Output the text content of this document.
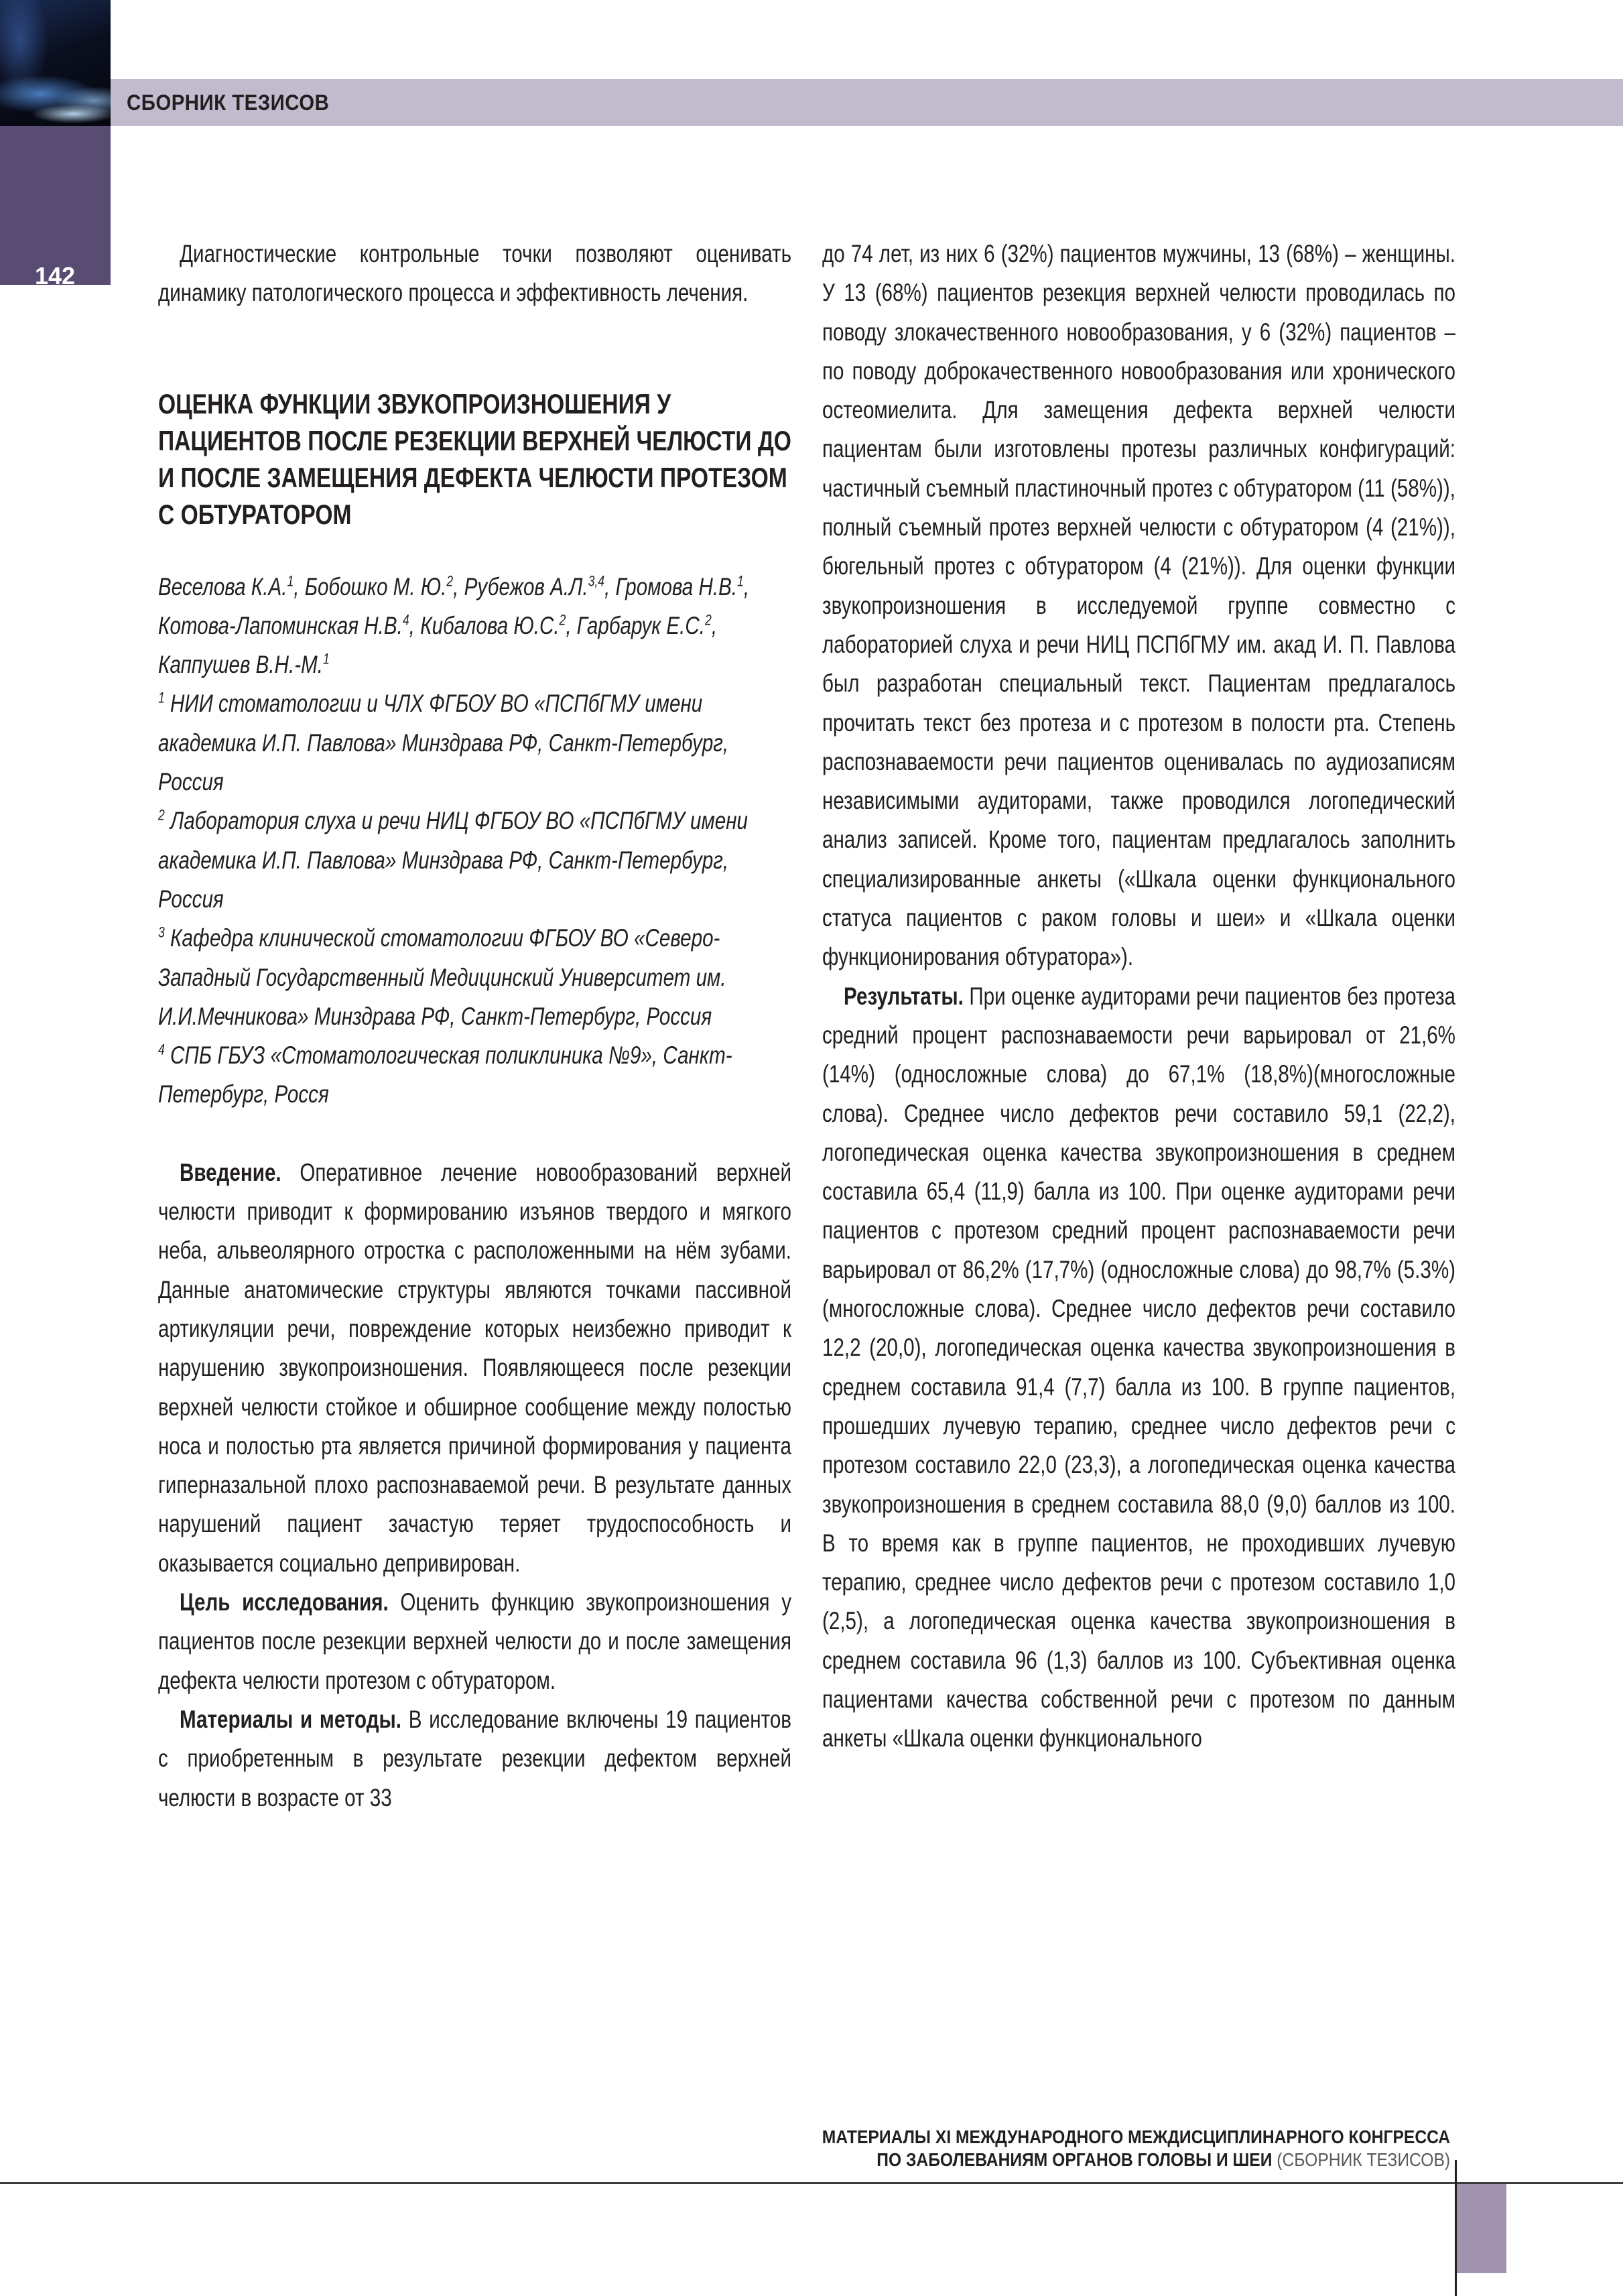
142
СБОРНИК ТЕЗИСОВ

Диагностические контрольные точки позволяют оценивать динамику патологического процесса и эффективность лечения.

ОЦЕНКА ФУНКЦИИ ЗВУКОПРОИЗНОШЕНИЯ У ПАЦИЕНТОВ ПОСЛЕ РЕЗЕКЦИИ ВЕРХНЕЙ ЧЕЛЮСТИ ДО И ПОСЛЕ ЗАМЕЩЕНИЯ ДЕФЕКТА ЧЕЛЮСТИ ПРОТЕЗОМ С ОБТУРАТОРОМ
Веселова К.А.$^1$, Бобошко М. Ю.$^2$, Рубежов А.Л.$^{3,4}$, Громова Н.В.$^1$, Котова-Лапоминская Н.В.$^4$, Кибалова Ю.С.$^2$, Гарбарук Е.С.$^2$, Каппушев В.Н.-М.$^1$
$^1$ НИИ стоматологии и ЧЛХ ФГБОУ ВО «ПСПбГМУ имени академика И.П. Павлова» Минздрава РФ, Санкт-Петербург, Россия
$^2$ Лаборатория слуха и речи НИЦ ФГБОУ ВО «ПСПбГМУ имени академика И.П. Павлова» Минздрава РФ, Санкт-Петербург, Россия
$^3$ Кафедра клинической стоматологии ФГБОУ ВО «Северо-Западный Государственный Медицинский Университет им. И.И.Мечникова» Минздрава РФ, Санкт-Петербург, Россия
$^4$ СПБ ГБУЗ «Стоматологическая поликлиника №9», Санкт-Петербург, Росся

Введение. Оперативное лечение новообразований верхней челюсти приводит к формированию изъянов твердого и мягкого неба, альвеолярного отростка с расположенными на нём зубами. Данные анатомические структуры являются точками пассивной артикуляции речи, повреждение которых неизбежно приводит к нарушению звукопроизношения. Появляющееся после резекции верхней челюсти стойкое и обширное сообщение между полостью носа и полостью рта является причиной формирования у пациента гиперназальной плохо распознаваемой речи. В результате данных нарушений пациент зачастую теряет трудоспособность и оказывается социально депривирован.

Цель исследования. Оценить функцию звукопроизношения у пациентов после резекции верхней челюсти до и после замещения дефекта челюсти протезом с обтуратором.

Материалы и методы. В исследование включены 19 пациентов с приобретенным в результате резекции дефектом верхней челюсти в возрасте от 33

до 74 лет, из них 6 (32%) пациентов мужчины, 13 (68%) – женщины. У 13 (68%) пациентов резекция верхней челюсти проводилась по поводу злокачественного новообразования, у 6 (32%) пациентов – по поводу доброкачественного новообразования или хронического остеомиелита. Для замещения дефекта верхней челюсти пациентам были изготовлены протезы различных конфигураций: частичный съемный пластиночный протез с обтуратором (11 (58%)), полный съемный протез верхней челюсти с обтуратором (4 (21%)), бюгельный протез с обтуратором (4 (21%)). Для оценки функции звукопроизношения в исследуемой группе совместно с лабораторией слуха и речи НИЦ ПСПбГМУ им. акад И. П. Павлова был разработан специальный текст. Пациентам предлагалось прочитать текст без протеза и с протезом в полости рта. Степень распознаваемости речи пациентов оценивалась по аудиозаписям независимыми аудиторами, также проводился логопедический анализ записей. Кроме того, пациентам предлагалось заполнить специализированные анкеты («Шкала оценки функционального статуса пациентов с раком головы и шеи» и «Шкала оценки функционирования обтуратора»).

Результаты. При оценке аудиторами речи пациентов без протеза средний процент распознаваемости речи варьировал от 21,6% (14%) (односложные слова) до 67,1% (18,8%)(многосложные слова). Среднее число дефектов речи составило 59,1 (22,2), логопедическая оценка качества звукопроизношения в среднем составила 65,4 (11,9) балла из 100. При оценке аудиторами речи пациентов с протезом средний процент распознаваемости речи варьировал от 86,2% (17,7%) (односложные слова) до 98,7% (5.3%) (многосложные слова). Среднее число дефектов речи составило 12,2 (20,0), логопедическая оценка качества звукопроизношения в среднем составила 91,4 (7,7) балла из 100. В группе пациентов, прошедших лучевую терапию, среднее число дефектов речи с протезом составило 22,0 (23,3), а логопедическая оценка качества звукопроизношения в среднем составила 88,0 (9,0) баллов из 100. В то время как в группе пациентов, не проходивших лучевую терапию, среднее число дефектов речи с протезом составило 1,0 (2,5), а логопедическая оценка качества звукопроизношения в среднем составила 96 (1,3) баллов из 100. Субъективная оценка пациентами качества собственной речи с протезом по данным анкеты «Шкала оценки функционального

МАТЕРИАЛЫ XI МЕЖДУНАРОДНОГО МЕЖДИСЦИПЛИНАРНОГО КОНГРЕССА
ПО ЗАБОЛЕВАНИЯМ ОРГАНОВ ГОЛОВЫ И ШЕИ (СБОРНИК ТЕЗИСОВ)
